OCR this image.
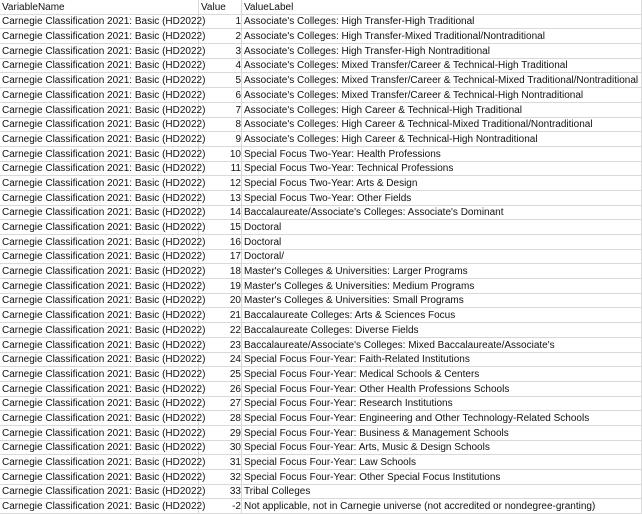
VariableName	Value	ValueLabel
Carnegie Classification 2021: Basic (HD2022)	1	Associate's Colleges: High Transfer-High Traditional
Carnegie Classification 2021: Basic (HD2022)	2	Associate's Colleges: High Transfer-Mixed Traditional/Nontraditional
Carnegie Classification 2021: Basic (HD2022)	3	Associate's Colleges: High Transfer-High Nontraditional
Carnegie Classification 2021: Basic (HD2022)	4	Associate's Colleges: Mixed Transfer/Career & Technical-High Traditional
Carnegie Classification 2021: Basic (HD2022)	5	Associate's Colleges: Mixed Transfer/Career & Technical-Mixed Traditional/Nontraditional
Carnegie Classification 2021: Basic (HD2022)	6	Associate's Colleges: Mixed Transfer/Career & Technical-High Nontraditional
Carnegie Classification 2021: Basic (HD2022)	7	Associate's Colleges: High Career & Technical-High Traditional
Carnegie Classification 2021: Basic (HD2022)	8	Associate's Colleges: High Career & Technical-Mixed Traditional/Nontraditional
Carnegie Classification 2021: Basic (HD2022)	9	Associate's Colleges: High Career & Technical-High Nontraditional
Carnegie Classification 2021: Basic (HD2022)	10	Special Focus Two-Year: Health Professions
Carnegie Classification 2021: Basic (HD2022)	11	Special Focus Two-Year: Technical Professions
Carnegie Classification 2021: Basic (HD2022)	12	Special Focus Two-Year: Arts & Design
Carnegie Classification 2021: Basic (HD2022)	13	Special Focus Two-Year: Other Fields
Carnegie Classification 2021: Basic (HD2022)	14	Baccalaureate/Associate's Colleges: Associate's Dominant
Carnegie Classification 2021: Basic (HD2022)	15	Doctoral
Carnegie Classification 2021: Basic (HD2022)	16	Doctoral
Carnegie Classification 2021: Basic (HD2022)	17	Doctoral/
Carnegie Classification 2021: Basic (HD2022)	18	Master's Colleges & Universities: Larger Programs
Carnegie Classification 2021: Basic (HD2022)	19	Master's Colleges & Universities: Medium Programs
Carnegie Classification 2021: Basic (HD2022)	20	Master's Colleges & Universities: Small Programs
Carnegie Classification 2021: Basic (HD2022)	21	Baccalaureate Colleges: Arts & Sciences Focus
Carnegie Classification 2021: Basic (HD2022)	22	Baccalaureate Colleges: Diverse Fields
Carnegie Classification 2021: Basic (HD2022)	23	Baccalaureate/Associate's Colleges: Mixed Baccalaureate/Associate's
Carnegie Classification 2021: Basic (HD2022)	24	Special Focus Four-Year: Faith-Related Institutions
Carnegie Classification 2021: Basic (HD2022)	25	Special Focus Four-Year: Medical Schools & Centers
Carnegie Classification 2021: Basic (HD2022)	26	Special Focus Four-Year: Other Health Professions Schools
Carnegie Classification 2021: Basic (HD2022)	27	Special Focus Four-Year: Research Institutions
Carnegie Classification 2021: Basic (HD2022)	28	Special Focus Four-Year: Engineering and Other Technology-Related Schools
Carnegie Classification 2021: Basic (HD2022)	29	Special Focus Four-Year: Business & Management Schools
Carnegie Classification 2021: Basic (HD2022)	30	Special Focus Four-Year: Arts, Music & Design Schools
Carnegie Classification 2021: Basic (HD2022)	31	Special Focus Four-Year: Law Schools
Carnegie Classification 2021: Basic (HD2022)	32	Special Focus Four-Year: Other Special Focus Institutions
Carnegie Classification 2021: Basic (HD2022)	33	Tribal Colleges
Carnegie Classification 2021: Basic (HD2022)	-2	Not applicable, not in Carnegie universe (not accredited or nondegree-granting)
